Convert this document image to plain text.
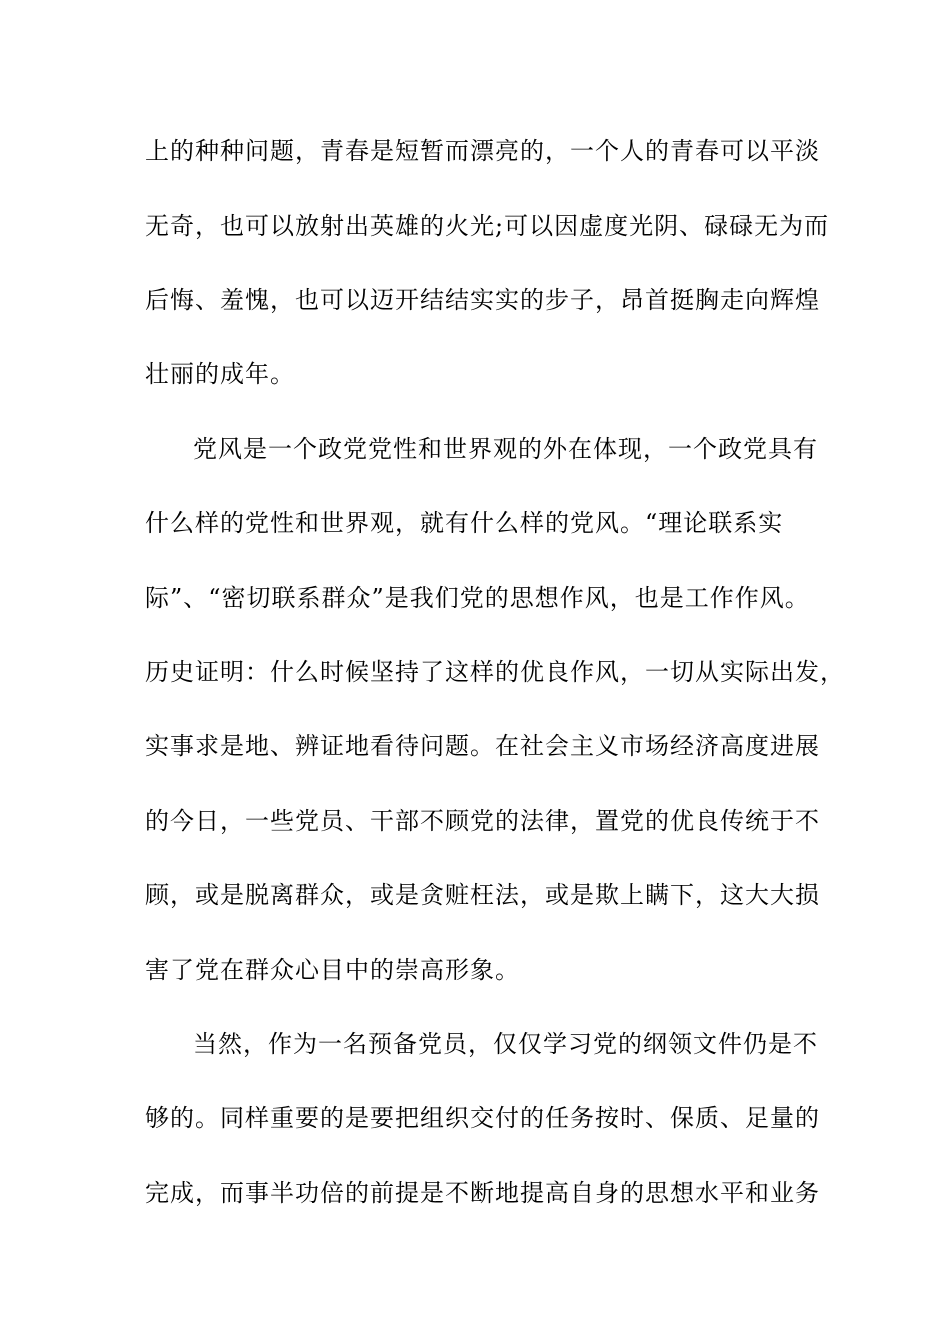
上的种种问题，青春是短暂而漂亮的，一个人的青春可以平淡
无奇，也可以放射出英雄的火光;可以因虚度光阴、碌碌无为而
后悔、羞愧，也可以迈开结结实实的步子，昂首挺胸走向辉煌
壮丽的成年。
党风是一个政党党性和世界观的外在体现，一个政党具有
什么样的党性和世界观，就有什么样的党风。“理论联系实
际”、“密切联系群众”是我们党的思想作风，也是工作作风。
历史证明：什么时候坚持了这样的优良作风，一切从实际出发，
实事求是地、辨证地看待问题。在社会主义市场经济高度进展
的今日，一些党员、干部不顾党的法律，置党的优良传统于不
顾，或是脱离群众，或是贪赃枉法，或是欺上瞒下，这大大损
害了党在群众心目中的崇高形象。
当然，作为一名预备党员，仅仅学习党的纲领文件仍是不
够的。同样重要的是要把组织交付的任务按时、保质、足量的
完成，而事半功倍的前提是不断地提高自身的思想水平和业务
